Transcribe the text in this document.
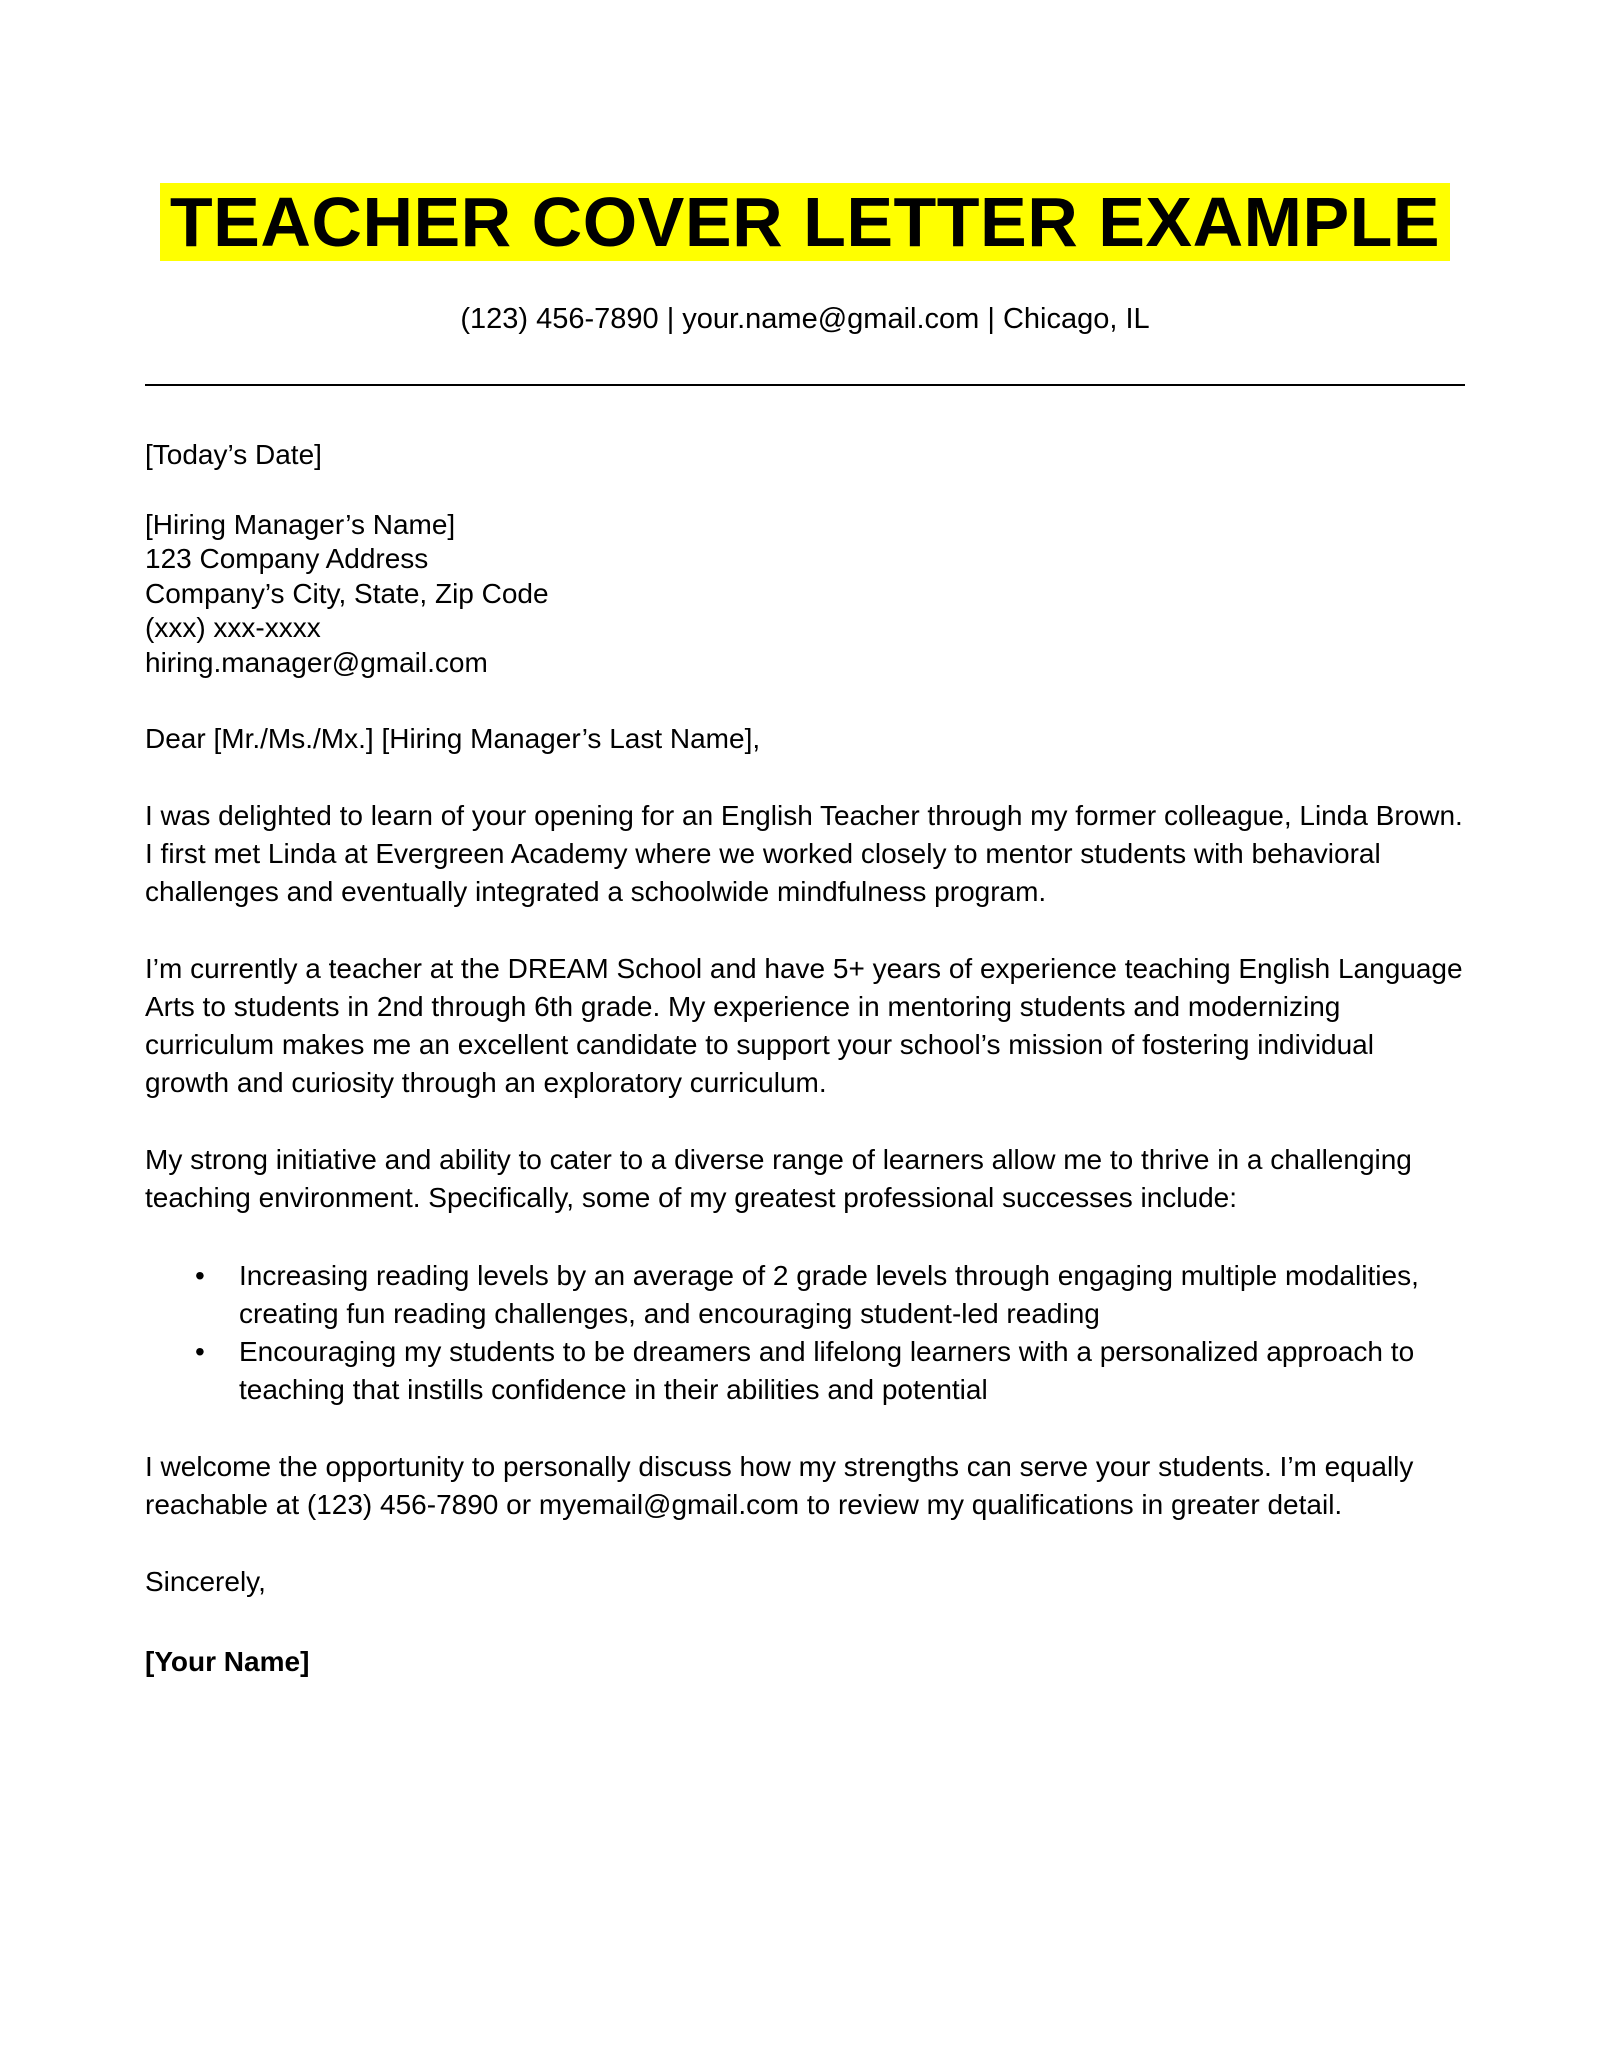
TEACHER COVER LETTER EXAMPLE
(123) 456-7890 | your.name@gmail.com | Chicago, IL
[Today’s Date]
[Hiring Manager’s Name]
123 Company Address
Company’s City, State, Zip Code
(xxx) xxx-xxxx
hiring.manager@gmail.com
Dear [Mr./Ms./Mx.] [Hiring Manager’s Last Name],

I was delighted to learn of your opening for an English Teacher through my former colleague, Linda Brown. I first met Linda at Evergreen Academy where we worked closely to mentor students with behavioral challenges and eventually integrated a schoolwide mindfulness program.

I’m currently a teacher at the DREAM School and have 5+ years of experience teaching English Language Arts to students in 2nd through 6th grade. My experience in mentoring students and modernizing curriculum makes me an excellent candidate to support your school’s mission of fostering individual growth and curiosity through an exploratory curriculum.

My strong initiative and ability to cater to a diverse range of learners allow me to thrive in a challenging teaching environment. Specifically, some of my greatest professional successes include:

• Increasing reading levels by an average of 2 grade levels through engaging multiple modalities, creating fun reading challenges, and encouraging student-led reading
• Encouraging my students to be dreamers and lifelong learners with a personalized approach to teaching that instills confidence in their abilities and potential

I welcome the opportunity to personally discuss how my strengths can serve your students. I’m equally reachable at (123) 456-7890 or myemail@gmail.com to review my qualifications in greater detail.

Sincerely,
[Your Name]
